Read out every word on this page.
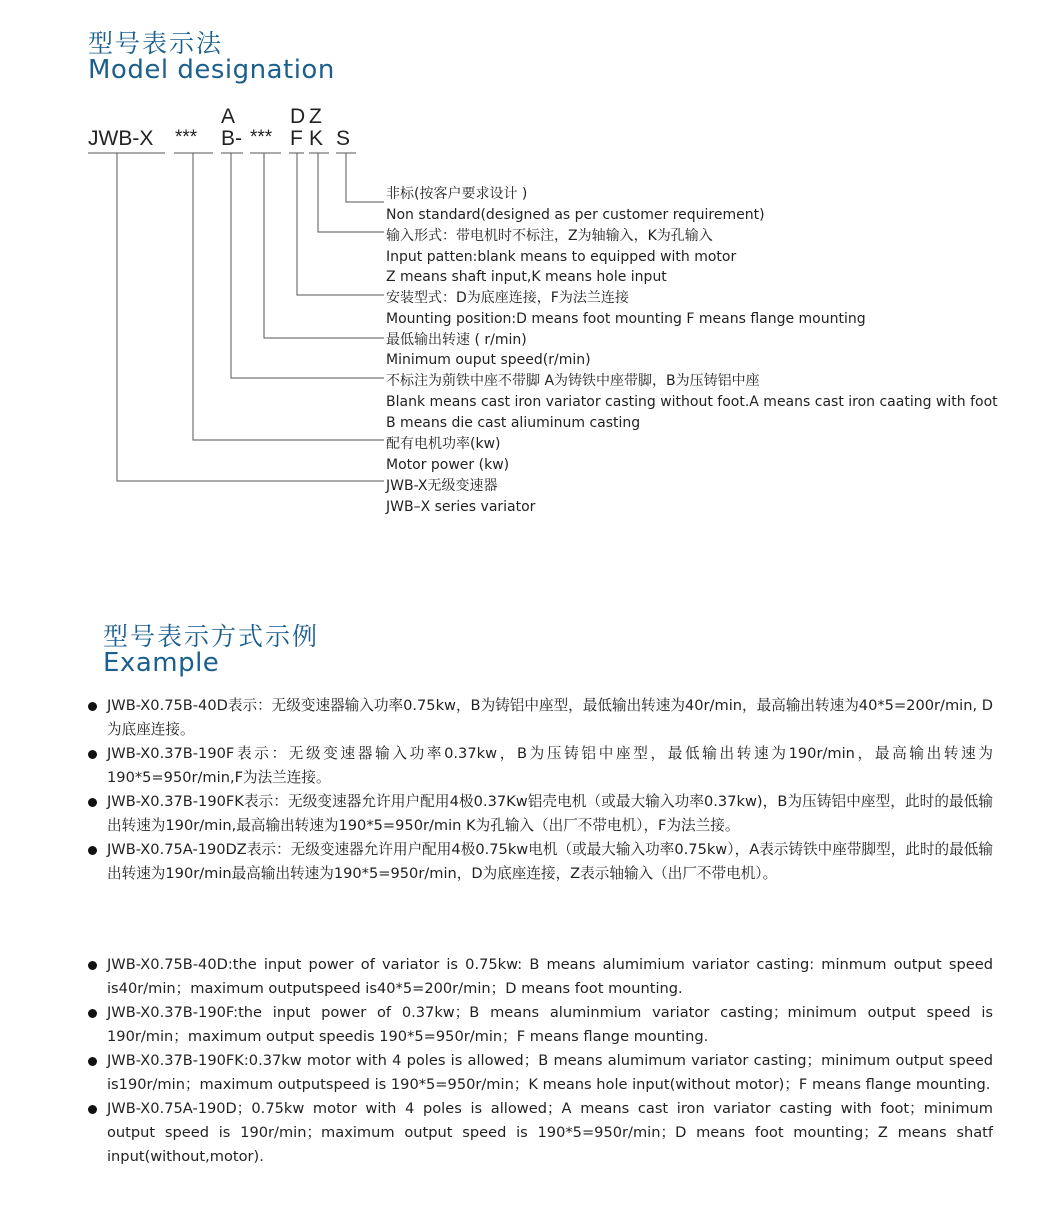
型号表示法
Model designation
JWB-X ***
A
B- ***
D Z
F K S
非标(按客户要求设计 )
Non standard(designed as per customer requirement)
输入形式：带电机时不标注，Z为轴输入，K为孔输入
Input patten:blank means to equipped with motor
Z means shaft input,K means hole input
安装型式：D为底座连接，F为法兰连接
Mounting position:D means foot mounting F means flange mounting
最低输出转速 ( r/min)
Minimum ouput speed(r/min)
不标注为莂铁中座不带脚 A为铸铁中座带脚，B为压铸铝中座
Blank means cast iron variator casting without foot.A means cast iron caating with foot
B means die cast aliuminum casting
配有电机功率(kw)
Motor power (kw)
JWB-X无级变速器
JWB–X series variator
型号表示方式示例
Example
JWB-X0.75B-40D表示：无级变速器输入功率0.75kw，B为铸铝中座型，最低输出转速为40r/min，最高输出转速为40*5=200r/min, D为底座连接。
JWB-X0.37B-190F表示：无级变速器输入功率0.37kw，B为压铸铝中座型，最低输出转速为190r/min，最高输出转速为190*5=950r/min,F为法兰连接。
JWB-X0.37B-190FK表示：无级变速器允许用户配用4极0.37Kw铝壳电机（或最大输入功率0.37kw)，B为压铸铝中座型，此时的最低输出转速为190r/min,最高输出转速为190*5=950r/min K为孔输入（出厂不带电机），F为法兰接。
JWB-X0.75A-190DZ表示：无级变速器允许用户配用4极0.75kw电机（或最大输入功率0.75kw），A表示铸铁中座带脚型，此时的最低输出转速为190r/min最高输出转速为190*5=950r/min，D为底座连接，Z表示轴输入（出厂不带电机）。
JWB-X0.75B-40D:the input power of variator is 0.75kw: B means alumimium variator casting: minmum output speed is40r/min；maximum outputspeed is40*5=200r/min；D means foot mounting.
JWB-X0.37B-190F:the input power of 0.37kw；B means aluminmium variator casting；minimum output speed is 190r/min；maximum output speedis 190*5=950r/min；F means flange mounting.
JWB-X0.37B-190FK:0.37kw motor with 4 poles is allowed；B means alumimum variator casting；minimum output speed is190r/min；maximum outputspeed is 190*5=950r/min；K means hole input(without motor)；F means flange mounting.
JWB-X0.75A-190D；0.75kw motor with 4 poles is allowed；A means cast iron variator casting with foot；minimum output speed is 190r/min；maximum output speed is 190*5=950r/min；D means foot mounting；Z means shatf input(without,motor).
